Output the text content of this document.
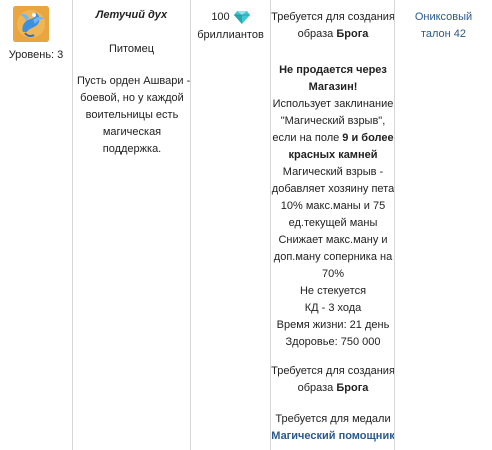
Уровень: 3
Летучий дух
Питомец
Пусть орден Ашвари -
боевой, но у каждой
воительницы есть
магическая
поддержка.
100
бриллиантов
Требуется для создания
образа Брога
Не продается через
Магазин!
Использует заклинание
"Магический взрыв",
если на поле 9 и более
красных камней
Магический взрыв -
добавляет хозяину пета
10% макс.маны и 75
ед.текущей маны
Снижает макс.ману и
доп.ману соперника на
70%
Не стекуется
КД - 3 хода
Время жизни: 21 день
Здоровье: 750 000
Требуется для создания
образа Брога
Требуется для медали
Магический помощник
Ониксовый
талон 42
